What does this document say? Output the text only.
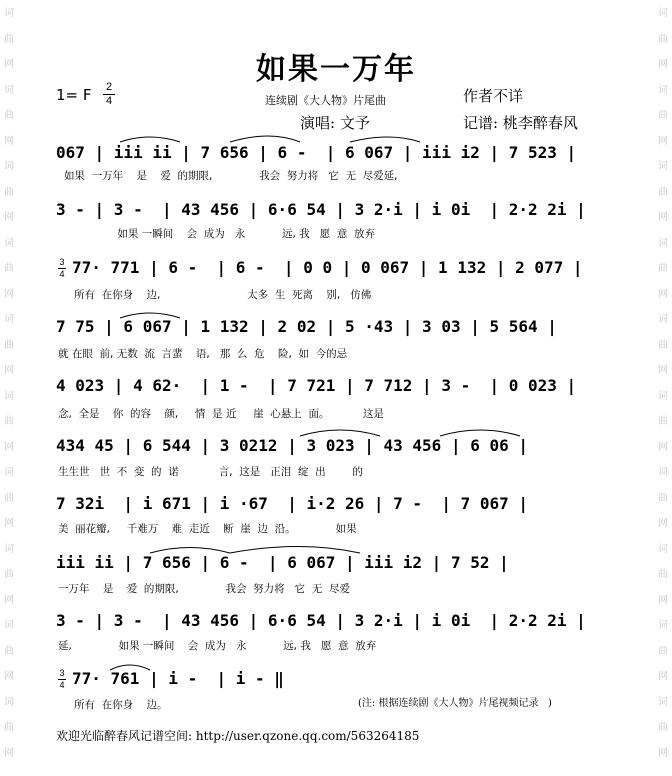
词
曲
网
词
曲
网
词
曲
网
词
曲
网
词
曲
网
词
曲
网
词
曲
网
词
曲
网
词
曲
网
词
曲
网
词
曲
网
词
曲
网
词
曲
网
词
曲
网
词
曲
网
词
曲
网
词
曲
网
词
曲
网
词
曲
网
词
曲
网
如果一万年
1= F 2
4	连续剧《大人物》片尾曲	作者不详
演唱: 文予	记谱: 桃李醉春风
067 | iii ii | 7 656 | 6 -  | 6 067 | iii i2 | 7 523 |
如果  一万年    是    爱  的期限,              我会  努力将   它  无  尽爱延,
3 - | 3 -  | 43 456 | 6·6 54 | 3 2·i | i 0i  | 2·2 2i |
如果 一瞬间    会  成为   永           远, 我   愿  意  放弃
3
4 77· 771 | 6 -  | 6 -  | 0 0 | 0 067 | 1 132 | 2 077 |
所有  在你身    边,                          太多  生  死离    别,   仿佛
7 75 | 6 067 | 1 132 | 2 02 | 5 ·43 | 3 03 | 5 564 |
就 在眼  前, 无数  流  言蜚    语,   那  么  危    险,  如  今的忌
4 023 | 4 62·  | 1 -  | 7 721 | 7 712 | 3 -  | 0 023 |
念,  全是    你  的容    颜,     情  是 近     崖  心悬上  面。          这是
434 45 | 6 544 | 3 0212 | 3 023 | 43 456 | 6 06 |
生生世   世  不  变  的  诺            言,  这是   正泪  绽  出        的
7 32i  | i 671 | i ·67  | i·2 26 | 7 -  | 7 067 |
美  丽花瓣,     千难万    难  走近    断  崖  边  沿。            如果
iii ii | 7 656 | 6 -  | 6 067 | iii i2 | 7 52 |
一万年    是    爱  的期限,              我会  努力将   它  无  尽爱
3 - | 3 -  | 43 456 | 6·6 54 | 3 2·i | i 0i  | 2·2 2i |
延,              如果 一瞬间    会  成为   永           远, 我   愿  意  放弃
3
4 77· 761 | i -  | i - ‖
所有  在你身    边。	(注: 根据连续剧《大人物》片尾视频记录   )
欢迎光临醉春风记谱空间: http://user.qzone.qq.com/563264185
